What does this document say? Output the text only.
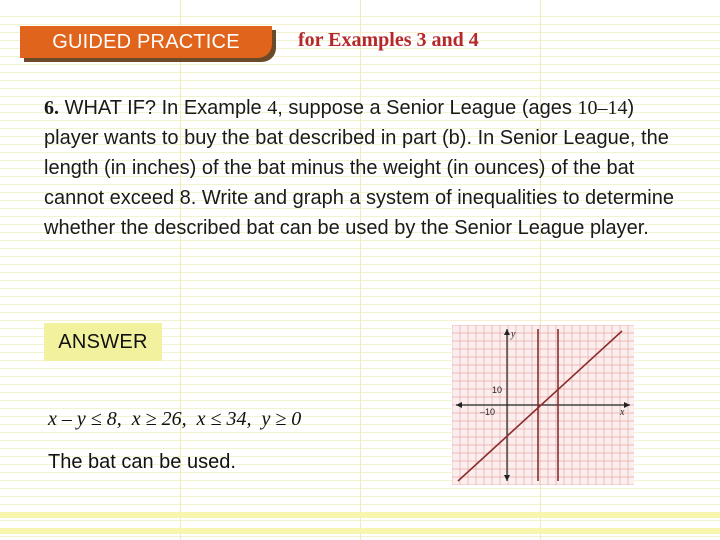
GUIDED PRACTICE	for Examples 3 and 4

6. WHAT IF? In Example 4, suppose a Senior League (ages 10–14) player wants to buy the bat described in part (b). In Senior League, the length (in inches) of the bat minus the weight (in ounces) of the bat cannot exceed 8. Write and graph a system of inequalities to determine whether the described bat can be used by the Senior League player.

ANSWER
x – y ≤ 8,  x ≥ 26,  x ≤ 34,  y ≥ 0
The bat can be used.
y
x
10
–10
